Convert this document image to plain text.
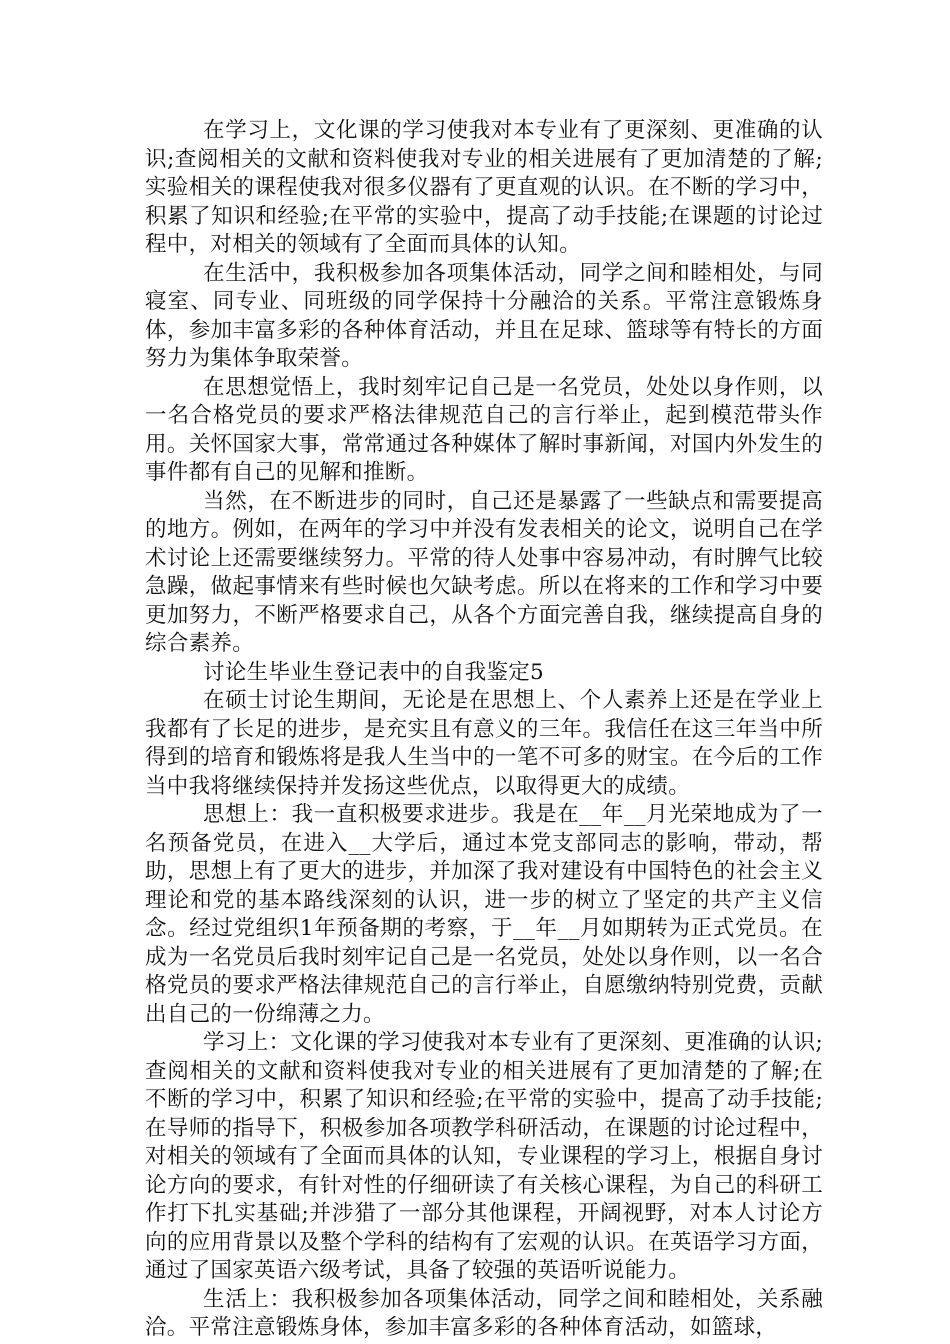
在学习上，文化课的学习使我对本专业有了更深刻、更准确的认识;查阅相关的文献和资料使我对专业的相关进展有了更加清楚的了解;实验相关的课程使我对很多仪器有了更直观的认识。在不断的学习中，积累了知识和经验;在平常的实验中，提高了动手技能;在课题的讨论过程中，对相关的领域有了全面而具体的认知。

在生活中，我积极参加各项集体活动，同学之间和睦相处，与同寝室、同专业、同班级的同学保持十分融洽的关系。平常注意锻炼身体，参加丰富多彩的各种体育活动，并且在足球、篮球等有特长的方面努力为集体争取荣誉。

在思想觉悟上，我时刻牢记自己是一名党员，处处以身作则，以一名合格党员的要求严格法律规范自己的言行举止，起到模范带头作用。关怀国家大事，常常通过各种媒体了解时事新闻，对国内外发生的事件都有自己的见解和推断。

当然，在不断进步的同时，自己还是暴露了一些缺点和需要提高的地方。例如，在两年的学习中并没有发表相关的论文，说明自己在学术讨论上还需要继续努力。平常的待人处事中容易冲动，有时脾气比较急躁，做起事情来有些时候也欠缺考虑。所以在将来的工作和学习中要更加努力，不断严格要求自己，从各个方面完善自我，继续提高自身的综合素养。

讨论生毕业生登记表中的自我鉴定5

在硕士讨论生期间，无论是在思想上、个人素养上还是在学业上我都有了长足的进步，是充实且有意义的三年。我信任在这三年当中所得到的培育和锻炼将是我人生当中的一笔不可多的财宝。在今后的工作当中我将继续保持并发扬这些优点，以取得更大的成绩。

思想上：我一直积极要求进步。我是在__年__月光荣地成为了一名预备党员，在进入__大学后，通过本党支部同志的影响，带动，帮助，思想上有了更大的进步，并加深了我对建设有中国特色的社会主义理论和党的基本路线深刻的认识，进一步的树立了坚定的共产主义信念。经过党组织1年预备期的考察，于__年__月如期转为正式党员。在成为一名党员后我时刻牢记自己是一名党员，处处以身作则，以一名合格党员的要求严格法律规范自己的言行举止，自愿缴纳特别党费，贡献出自己的一份绵薄之力。

学习上：文化课的学习使我对本专业有了更深刻、更准确的认识;查阅相关的文献和资料使我对专业的相关进展有了更加清楚的了解;在不断的学习中，积累了知识和经验;在平常的实验中，提高了动手技能;在导师的指导下，积极参加各项教学科研活动，在课题的讨论过程中，对相关的领域有了全面而具体的认知，专业课程的学习上，根据自身讨论方向的要求，有针对性的仔细研读了有关核心课程，为自己的科研工作打下扎实基础;并涉猎了一部分其他课程，开阔视野，对本人讨论方向的应用背景以及整个学科的结构有了宏观的认识。在英语学习方面，通过了国家英语六级考试，具备了较强的英语听说能力。

生活上：我积极参加各项集体活动，同学之间和睦相处，关系融洽。平常注意锻炼身体，参加丰富多彩的各种体育活动，如篮球，
